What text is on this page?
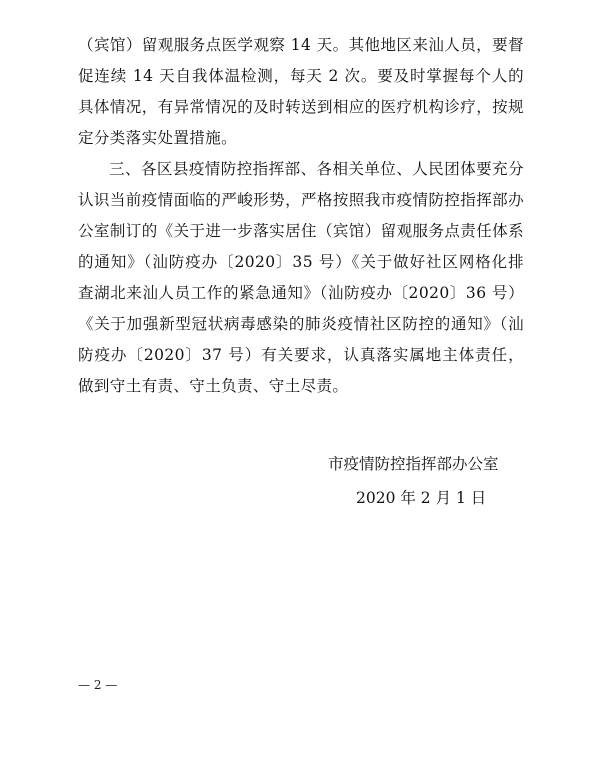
（宾馆）留观服务点医学观察 14 天。其他地区来汕人员，要督促连续 14 天自我体温检测，每天 2 次。要及时掌握每个人的具体情况，有异常情况的及时转送到相应的医疗机构诊疗，按规定分类落实处置措施。

三、各区县疫情防控指挥部、各相关单位、人民团体要充分认识当前疫情面临的严峻形势，严格按照我市疫情防控指挥部办公室制订的《关于进一步落实居住（宾馆）留观服务点责任体系的通知》（汕防疫办〔2020〕35 号）《关于做好社区网格化排查湖北来汕人员工作的紧急通知》（汕防疫办〔2020〕36 号）《关于加强新型冠状病毒感染的肺炎疫情社区防控的通知》（汕防疫办〔2020〕37 号）有关要求，认真落实属地主体责任，做到守土有责、守土负责、守土尽责。

市疫情防控指挥部办公室
2020 年 2 月 1 日
— 2 —
